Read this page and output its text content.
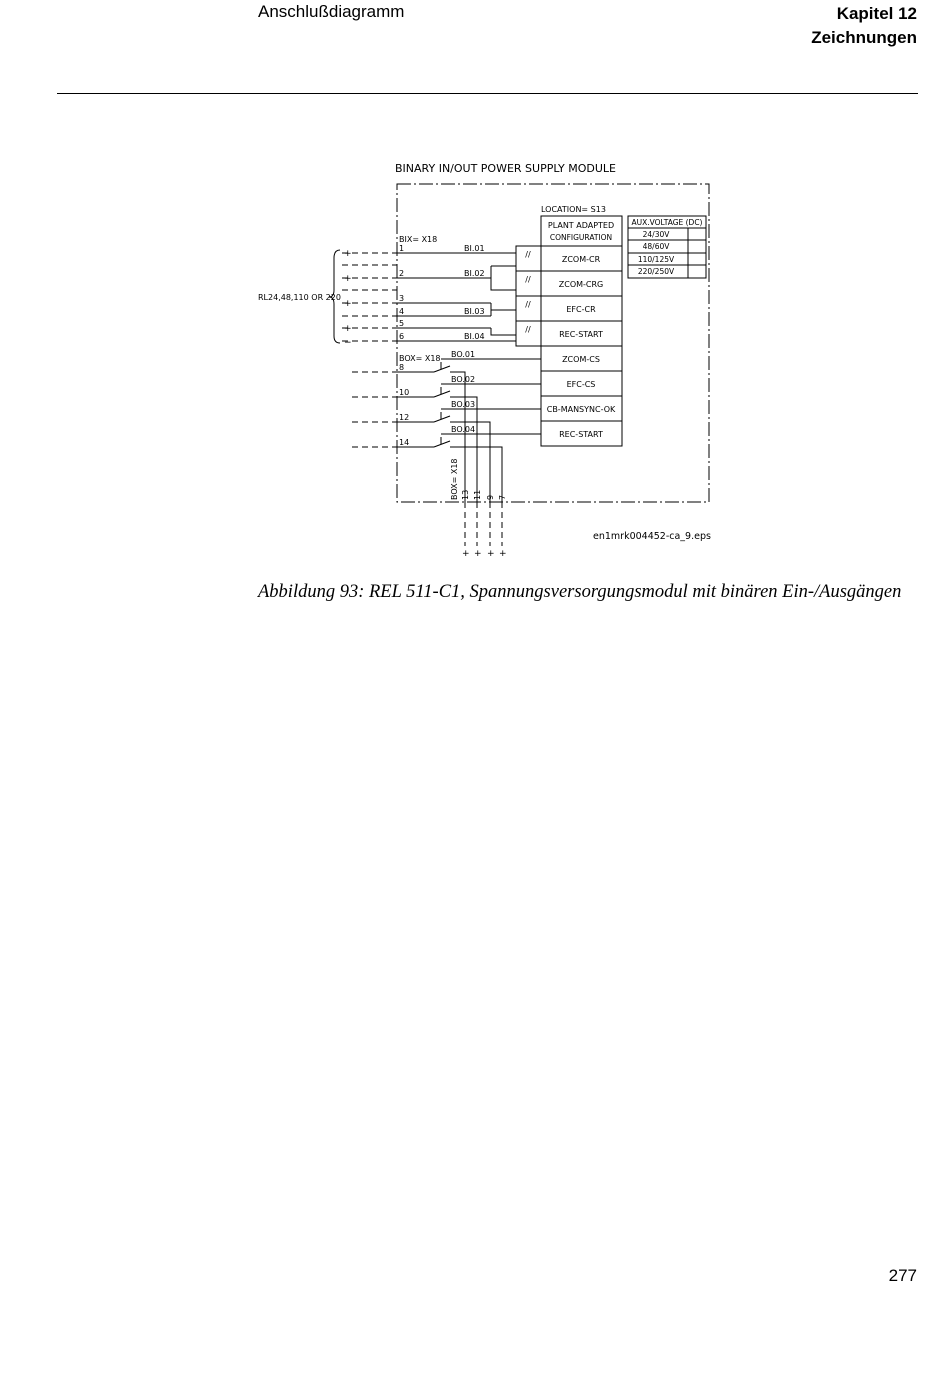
Anschlußdiagramm	Kapitel 12
Zeichnungen
BINARY IN/OUT POWER SUPPLY MODULE
LOCATION= S13
PLANT ADAPTED
CONFIGURATION
AUX.VOLTAGE (DC)
24/30V
48/60V
110/125V
220/250V
ZCOM-CR
ZCOM-CRG
EFC-CR
REC-START
ZCOM-CS
EFC-CS
CB-MANSYNC-OK
REC-START
//
//
//
//
BIX= X18
1
2
3
4
5
6
BI.01
BI.02
BI.03
BI.04
+
+
+
+
−
RL24,48,110 OR 220
BOX= X18
8
10
12
14
BO.01
BO.02
BO.03
BO.04
BOX= X18 13 11 9 7
+ + + +
en1mrk004452-ca_9.eps
Abbildung 93: REL 511-C1, Spannungsversorgungsmodul mit binären Ein-/Ausgängen
277
